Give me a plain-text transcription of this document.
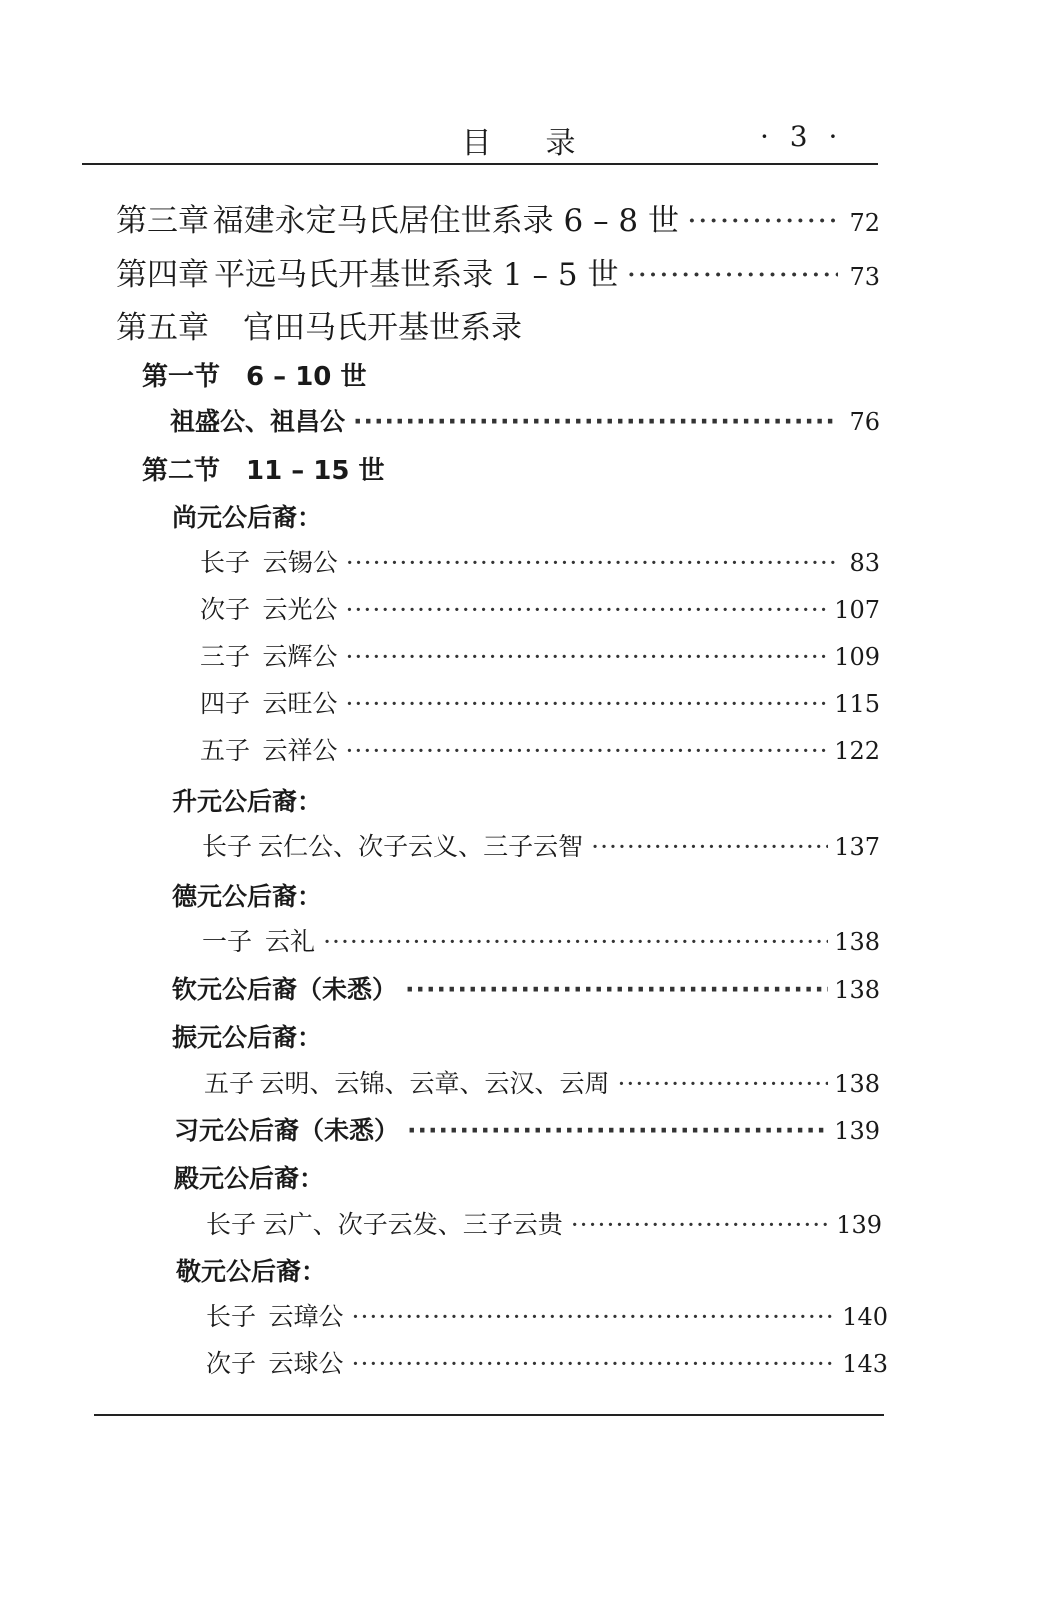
目 录	· 3 ·
第三章 福建永定马氏居住世系录 6 – 8 世 ·····	72
第四章 平远马氏开基世系录 1 – 5 世 ·····	73
第五章 官田马氏开基世系录
第一节 6 – 10 世
祖盛公、祖昌公 ·····	76
第二节 11 – 15 世
尚元公后裔：
长子 云锡公 ·····	83
次子 云光公 ·····	107
三子 云辉公 ·····	109
四子 云旺公 ·····	115
五子 云祥公 ·····	122
升元公后裔：
长子 云仁公、次子云义、三子云智 ·····	137
德元公后裔：
一子 云礼 ·····	138
钦元公后裔（未悉） ·····	138
振元公后裔：
五子 云明、云锦、云章、云汉、云周 ·····	138
习元公后裔（未悉） ·····	139
殿元公后裔：
长子 云广、次子云发、三子云贵 ·····	139
敬元公后裔：
长子 云璋公 ·····	140
次子 云球公 ·····	143
